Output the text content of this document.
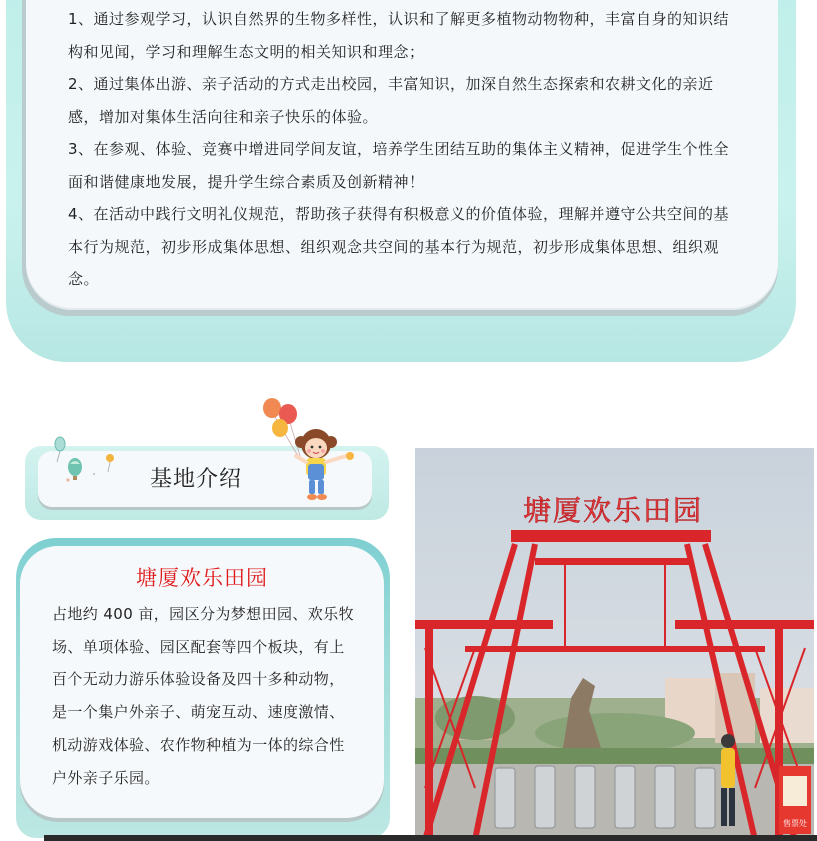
1、通过参观学习，认识自然界的生物多样性，认识和了解更多植物动物物种，丰富自身的知识结构和见闻，学习和理解生态文明的相关知识和理念；
2、通过集体出游、亲子活动的方式走出校园，丰富知识，加深自然生态探索和农耕文化的亲近感，增加对集体生活向往和亲子快乐的体验。
3、在参观、体验、竞赛中增进同学间友谊，培养学生团结互助的集体主义精神，促进学生个性全面和谐健康地发展，提升学生综合素质及创新精神！
4、在活动中践行文明礼仪规范，帮助孩子获得有积极意义的价值体验，理解并遵守公共空间的基本行为规范，初步形成集体思想、组织观念共空间的基本行为规范，初步形成集体思想、组织观念。
基地介绍
塘厦欢乐田园

占地约 400 亩，园区分为梦想田园、欢乐牧场、单项体验、园区配套等四个板块，有上百个无动力游乐体验设备及四十多种动物，是一个集户外亲子、萌宠互动、速度激情、机动游戏体验、农作物种植为一体的综合性户外亲子乐园。

塘厦欢乐田园
售票处
